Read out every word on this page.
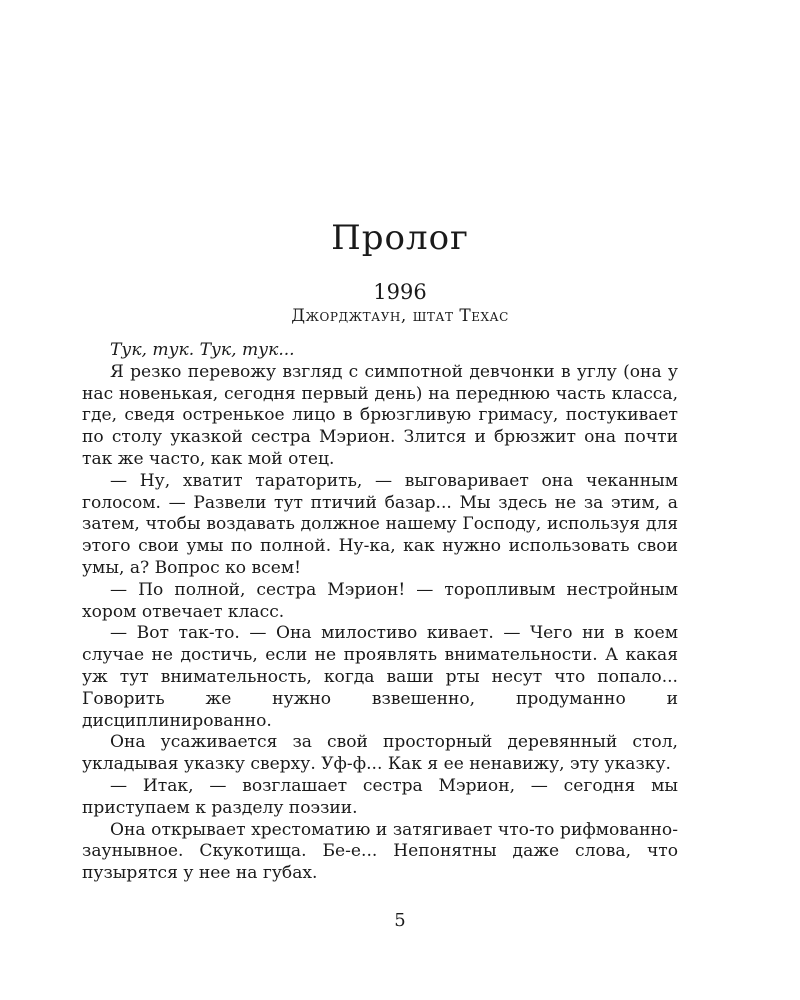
Пролог
1996
Джорджтаун, штат Техас

Тук, тук. Тук, тук...

Я резко перевожу взгляд с симпотной девчонки в углу (она у нас новенькая, сегодня первый день) на переднюю часть класса, где, сведя остренькое лицо в брюзгливую гримасу, постукивает по столу указкой сестра Мэрион. Злится и брюзжит она почти так же часто, как мой отец.

— Ну, хватит тараторить, — выговаривает она чеканным голосом. — Развели тут птичий базар... Мы здесь не за этим, а затем, чтобы воздавать должное нашему Господу, используя для этого свои умы по полной. Ну-ка, как нужно использовать свои умы, а? Вопрос ко всем!

— По полной, сестра Мэрион! — торопливым нестройным хором отвечает класс.

— Вот так-то. — Она милостиво кивает. — Чего ни в коем случае не достичь, если не проявлять внимательности. А какая уж тут внимательность, когда ваши рты несут что попало... Говорить же нужно взвешенно, продуманно и дисциплинированно.

Она усаживается за свой просторный деревянный стол, укладывая указку сверху. Уф-ф... Как я ее ненавижу, эту указку.

— Итак, — возглашает сестра Мэрион, — сегодня мы приступаем к разделу поэзии.

Она открывает хрестоматию и затягивает что-то рифмованно-заунывное. Скукотища. Бе-е... Непонятны даже слова, что пузырятся у нее на губах.

5
